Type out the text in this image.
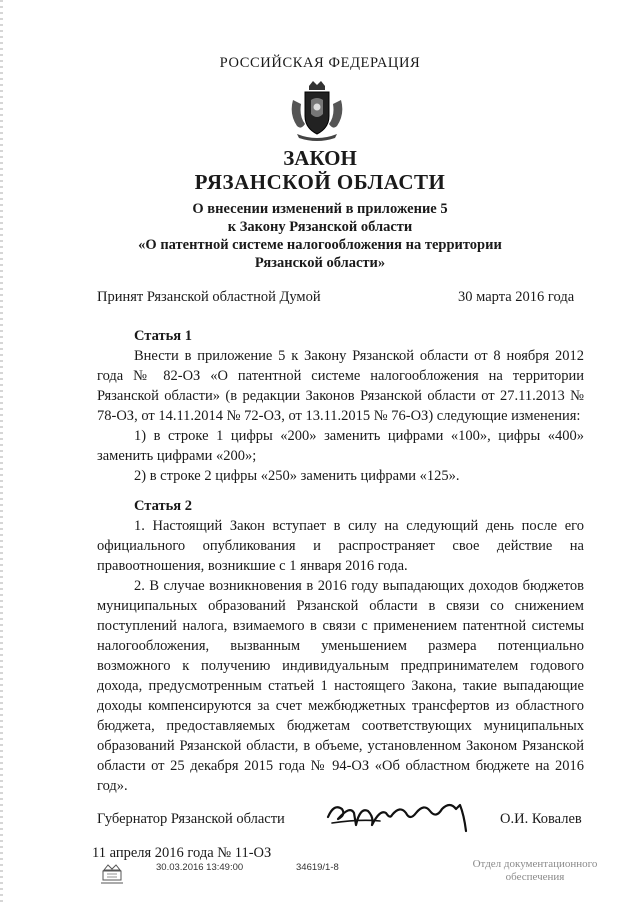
РОССИЙСКАЯ ФЕДЕРАЦИЯ
ЗАКОН
РЯЗАНСКОЙ ОБЛАСТИ
О внесении изменений в приложение 5
к Закону Рязанской области
«О патентной системе налогообложения на территории
Рязанской области»
Принят Рязанской областной Думой	30 марта 2016 года
Статья 1

Внести в приложение 5 к Закону Рязанской области от 8 ноября 2012 года № 82-ОЗ «О патентной системе налогообложения на территории Рязанской области» (в редакции Законов Рязанской области от 27.11.2013 № 78-ОЗ, от 14.11.2014 № 72-ОЗ, от 13.11.2015 № 76-ОЗ) следующие изменения:

1) в строке 1 цифры «200» заменить цифрами «100», цифры «400» заменить цифрами «200»;

2) в строке 2 цифры «250» заменить цифрами «125».

Статья 2

1. Настоящий Закон вступает в силу на следующий день после его официального опубликования и распространяет свое действие на правоотношения, возникшие с 1 января 2016 года.

2. В случае возникновения в 2016 году выпадающих доходов бюджетов муниципальных образований Рязанской области в связи со снижением поступлений налога, взимаемого в связи с применением патентной системы налогообложения, вызванным уменьшением размера потенциально возможного к получению индивидуальным предпринимателем годового дохода, предусмотренным статьей 1 настоящего Закона, такие выпадающие доходы компенсируются за счет межбюджетных трансфертов из областного бюджета, предоставляемых бюджетам соответствующих муниципальных образований Рязанской области, в объеме, установленном Законом Рязанской области от 25 декабря 2015 года № 94-ОЗ «Об областном бюджете на 2016 год».

Губернатор Рязанской области	О.И. Ковалев
11 апреля 2016 года № 11-ОЗ
30.03.2016 13:49:00	34619/1-8	Отдел документационного обеспечения
